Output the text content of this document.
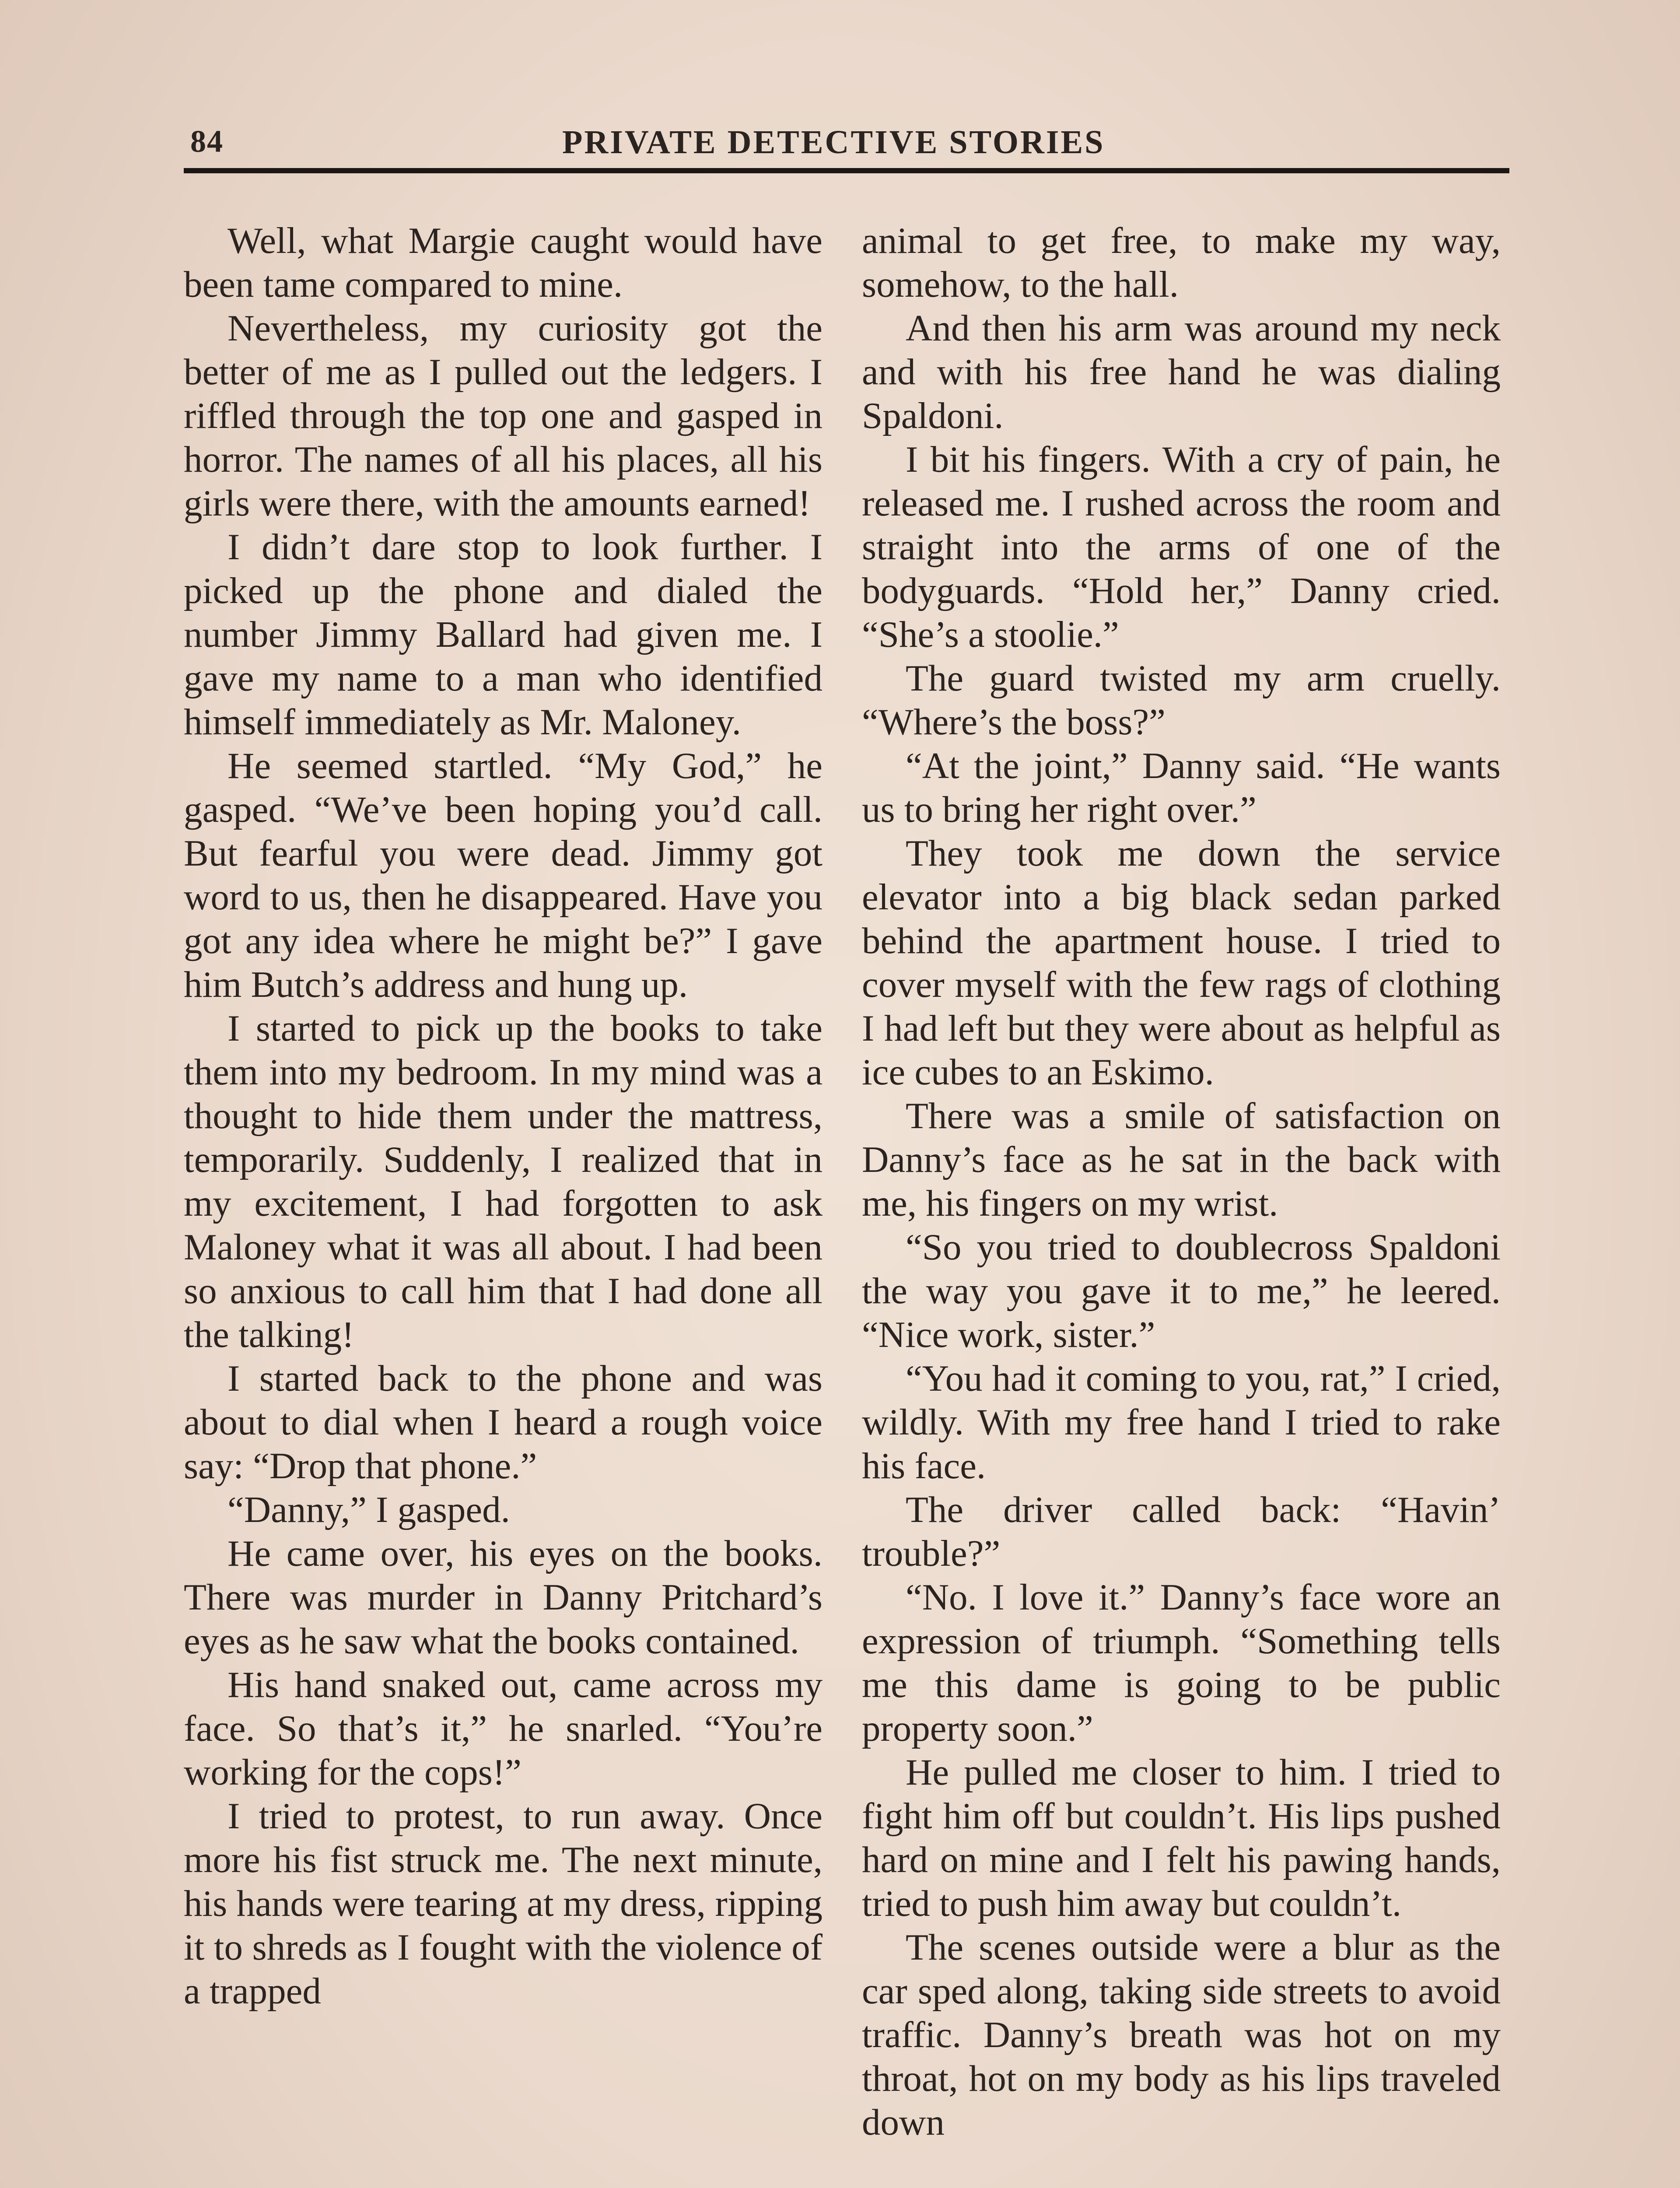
84	PRIVATE DETECTIVE STORIES

Well, what Margie caught would have been tame compared to mine.

Nevertheless, my curiosity got the better of me as I pulled out the ledgers. I riffled through the top one and gasped in horror. The names of all his places, all his girls were there, with the amounts earned!

I didn’t dare stop to look further. I picked up the phone and dialed the number Jimmy Ballard had given me. I gave my name to a man who identified himself immediately as Mr. Maloney.

He seemed startled. “My God,” he gasped. “We’ve been hoping you’d call. But fearful you were dead. Jimmy got word to us, then he disappeared. Have you got any idea where he might be?” I gave him Butch’s address and hung up.

I started to pick up the books to take them into my bedroom. In my mind was a thought to hide them under the mattress, temporarily. Suddenly, I realized that in my excitement, I had forgotten to ask Maloney what it was all about. I had been so anxious to call him that I had done all the talking!

I started back to the phone and was about to dial when I heard a rough voice say: “Drop that phone.”

“Danny,” I gasped.

He came over, his eyes on the books. There was murder in Danny Pritchard’s eyes as he saw what the books contained.

His hand snaked out, came across my face. So that’s it,” he snarled. “You’re working for the cops!”

I tried to protest, to run away. Once more his fist struck me. The next minute, his hands were tearing at my dress, ripping it to shreds as I fought with the violence of a trapped

animal to get free, to make my way, somehow, to the hall.

And then his arm was around my neck and with his free hand he was dialing Spaldoni.

I bit his fingers. With a cry of pain, he released me. I rushed across the room and straight into the arms of one of the bodyguards. “Hold her,” Danny cried. “She’s a stoolie.”

The guard twisted my arm cruelly. “Where’s the boss?”

“At the joint,” Danny said. “He wants us to bring her right over.”

They took me down the service elevator into a big black sedan parked behind the apartment house. I tried to cover myself with the few rags of clothing I had left but they were about as helpful as ice cubes to an Eskimo.

There was a smile of satisfaction on Danny’s face as he sat in the back with me, his fingers on my wrist.

“So you tried to doublecross Spaldoni the way you gave it to me,” he leered. “Nice work, sister.”

“You had it coming to you, rat,” I cried, wildly. With my free hand I tried to rake his face.

The driver called back: “Havin’ trouble?”

“No. I love it.” Danny’s face wore an expression of triumph. “Something tells me this dame is going to be public property soon.”

He pulled me closer to him. I tried to fight him off but couldn’t. His lips pushed hard on mine and I felt his pawing hands, tried to push him away but couldn’t.

The scenes outside were a blur as the car sped along, taking side streets to avoid traffic. Danny’s breath was hot on my throat, hot on my body as his lips traveled down
